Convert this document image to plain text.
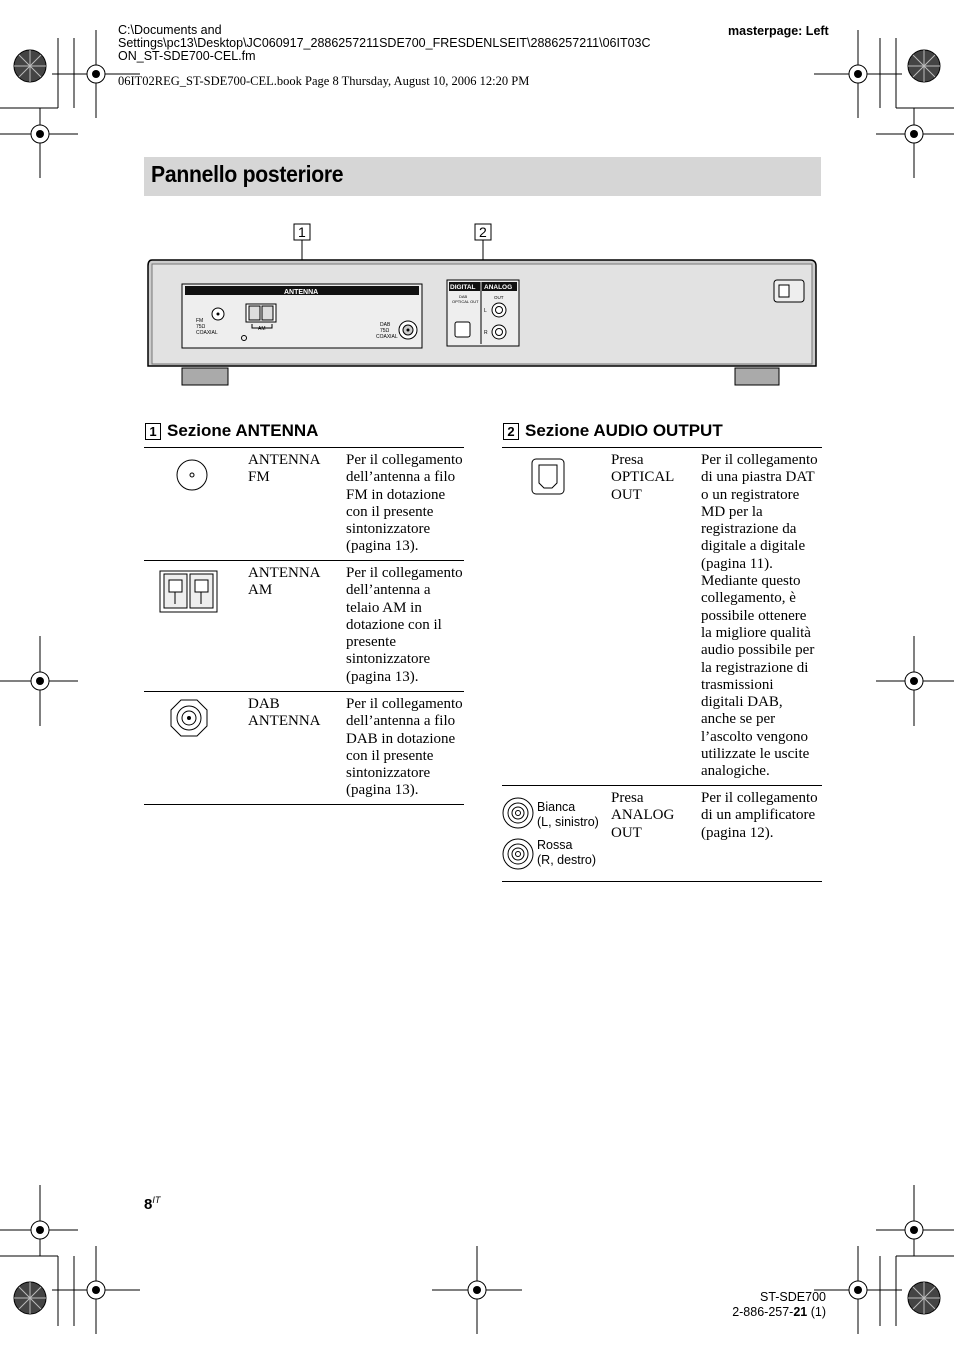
C:\Documents and
Settings\pc13\Desktop\JC060917_2886257211SDE700_FRESDENLSEIT\2886257211\06IT03C
ON_ST-SDE700-CEL.fm
masterpage: Left
06IT02REG_ST-SDE700-CEL.book Page 8 Thursday, August 10, 2006 12:20 PM
Pannello posteriore
1	2
ANTENNA
FM
75Ω
COAXIAL
AM
DAB
75Ω
COAXIAL
DIGITAL ANALOG
DAB
OPTICAL OUT
OUT
L
R
1 Sezione ANTENNA
ANTENNA
FM
Per il collegamento
dell’antenna a filo
FM in dotazione
con il presente
sintonizzatore
(pagina 13).
ANTENNA
AM
Per il collegamento
dell’antenna a
telaio AM in
dotazione con il
presente
sintonizzatore
(pagina 13).
DAB
ANTENNA
Per il collegamento
dell’antenna a filo
DAB in dotazione
con il presente
sintonizzatore
(pagina 13).
2 Sezione AUDIO OUTPUT
Presa
OPTICAL
OUT
Per il collegamento
di una piastra DAT
o un registratore
MD per la
registrazione da
digitale a digitale
(pagina 11).
Mediante questo
collegamento, è
possibile ottenere
la migliore qualità
audio possibile per
la registrazione di
trasmissioni
digitali DAB,
anche se per
l’ascolto vengono
utilizzate le uscite
analogiche.
Bianca
(L, sinistro)
Rossa
(R, destro)
Presa
ANALOG
OUT
Per il collegamento
di un amplificatore
(pagina 12).
$8^{IT}$
ST-SDE700
2-886-257-21 (1)
